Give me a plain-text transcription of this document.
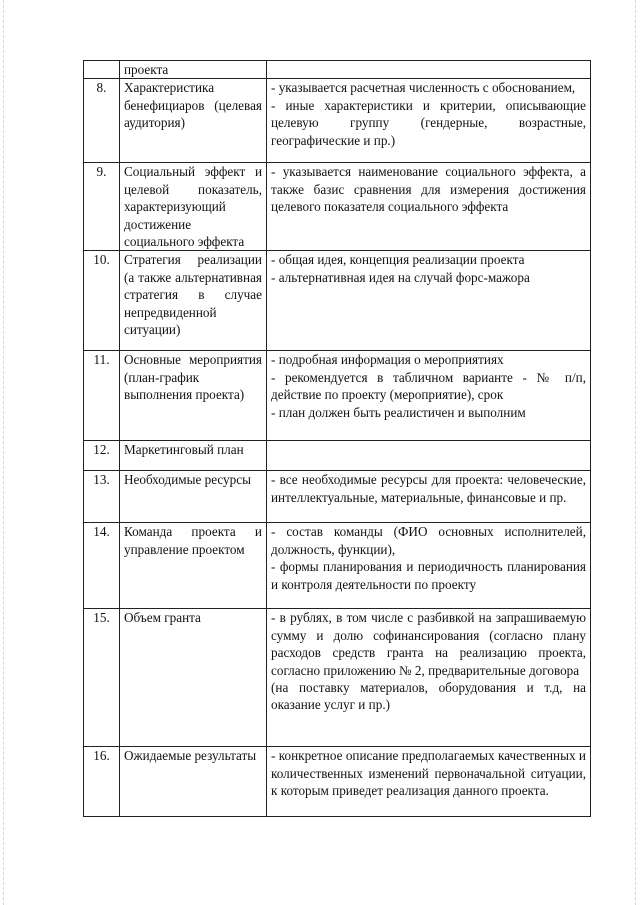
	проекта	
8.	Характеристика бенефициаров (целевая аудитория)	- указывается расчетная численность с обоснованием,
- иные характеристики и критерии, описывающие целевую группу (гендерные, возрастные, географические и пр.)

9.	Социальный эффект и целевой показатель, характеризующий достижение социального эффекта	- указывается наименование социального эффекта, а также базис сравнения для измерения достижения целевого показателя социального эффекта

10.	Стратегия реализации (а также альтернативная стратегия в случае непредвиденной ситуации)	- общая идея, концепция реализации проекта
- альтернативная идея на случай форс-мажора

11.	Основные мероприятия (план-график выполнения проекта)	- подробная информация о мероприятиях
- рекомендуется в табличном варианте - № п/п, действие по проекту (мероприятие), срок
- план должен быть реалистичен и выполним

12.	Маркетинговый план	
13.	Необходимые ресурсы	- все необходимые ресурсы для проекта: человеческие, интеллектуальные, материальные, финансовые и пр.

14.	Команда проекта и управление проектом	- состав команды (ФИО основных исполнителей, должность, функции),
- формы планирования и периодичность планирования и контроля деятельности по проекту

15.	Объем гранта	- в рублях, в том числе с разбивкой на запрашиваемую сумму и долю софинансирования (согласно плану расходов средств гранта на реализацию проекта, согласно приложению № 2, предварительные договора
(на поставку материалов, оборудования и т.д, на оказание услуг и пр.)

16.	Ожидаемые результаты	- конкретное описание предполагаемых качественных и количественных изменений первоначальной ситуации, к которым приведет реализация данного проекта.
